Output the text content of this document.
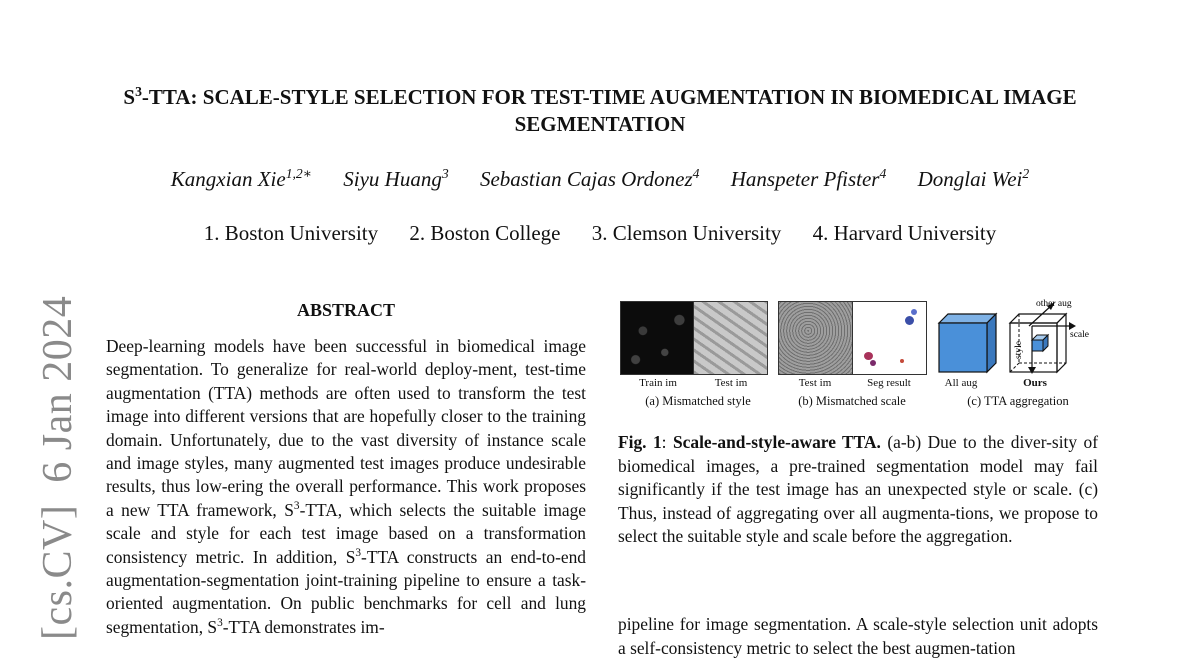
[cs.CV]6 Jan 2024
$S^3$-TTA: SCALE-STYLE SELECTION FOR TEST-TIME AUGMENTATION IN BIOMEDICAL IMAGE SEGMENTATION
Kangxian Xie$^{1,2∗}$ Siyu Huang$^3$ Sebastian Cajas Ordonez$^4$ Hanspeter Pfister$^4$ Donglai Wei$^2$
1. Boston University 2. Boston College 3. Clemson University 4. Harvard University
ABSTRACT
Deep-learning models have been successful in biomedical image segmentation. To generalize for real-world deploy-ment, test-time augmentation (TTA) methods are often used to transform the test image into different versions that are hopefully closer to the training domain. Unfortunately, due to the vast diversity of instance scale and image styles, many augmented test images produce undesirable results, thus low-ering the overall performance. This work proposes a new TTA framework, $S^3$-TTA, which selects the suitable image scale and style for each test image based on a transformation consistency metric. In addition, $S^3$-TTA constructs an end-to-end augmentation-segmentation joint-training pipeline to ensure a task-oriented augmentation. On public benchmarks for cell and lung segmentation, $S^3$-TTA demonstrates im-
other aug
scale
style
Train im	Test im	Test im	Seg result	All aug	Ours
(a) Mismatched style	(b) Mismatched scale	(c) TTA aggregation
Fig. 1: Scale-and-style-aware TTA. (a-b) Due to the diver-sity of biomedical images, a pre-trained segmentation model may fail significantly if the test image has an unexpected style or scale. (c) Thus, instead of aggregating over all augmenta-tions, we propose to select the suitable style and scale before the aggregation.
pipeline for image segmentation. A scale-style selection unit adopts a self-consistency metric to select the best augmen-tation
